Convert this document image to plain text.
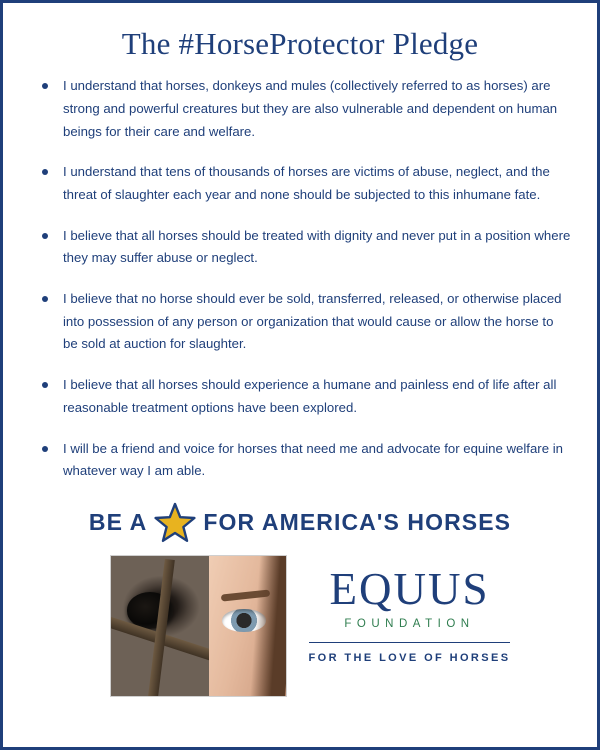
The #HorseProtector Pledge
I understand that horses, donkeys and mules (collectively referred to as horses) are strong and powerful creatures but they are also vulnerable and dependent on human beings for their care and welfare.
I understand that tens of thousands of horses are victims of abuse, neglect, and the threat of slaughter each year and none should be subjected to this inhumane fate.
I believe that all horses should be treated with dignity and never put in a position where they may suffer abuse or neglect.
I believe that no horse should ever be sold, transferred, released, or otherwise placed into possession of any person or organization that would cause or allow the horse to be sold at auction for slaughter.
I believe that all horses should experience a humane and painless end of life after all reasonable treatment options have been explored.
I will be a friend and voice for horses that need me and advocate for equine welfare in whatever way I am able.
BE A FOR AMERICA'S HORSES
EQUUS
FOUNDATION
FOR THE LOVE OF HORSES
